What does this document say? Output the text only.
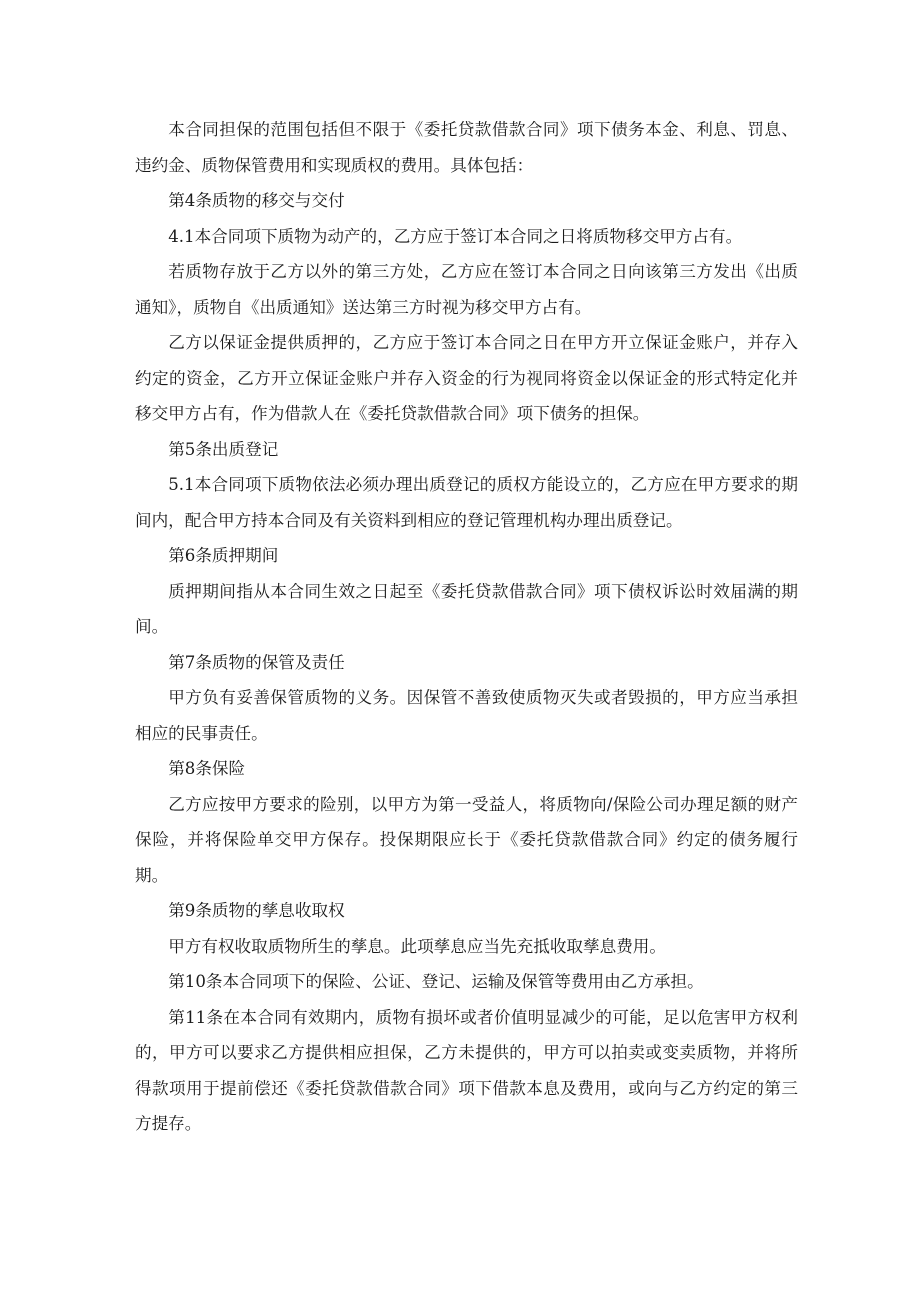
本合同担保的范围包括但不限于《委托贷款借款合同》项下债务本金、利息、罚息、违约金、质物保管费用和实现质权的费用。具体包括：

第4条质物的移交与交付

4.1本合同项下质物为动产的，乙方应于签订本合同之日将质物移交甲方占有。

若质物存放于乙方以外的第三方处，乙方应在签订本合同之日向该第三方发出《出质通知》，质物自《出质通知》送达第三方时视为移交甲方占有。

乙方以保证金提供质押的，乙方应于签订本合同之日在甲方开立保证金账户，并存入约定的资金，乙方开立保证金账户并存入资金的行为视同将资金以保证金的形式特定化并移交甲方占有，作为借款人在《委托贷款借款合同》项下债务的担保。

第5条出质登记

5.1本合同项下质物依法必须办理出质登记的质权方能设立的，乙方应在甲方要求的期间内，配合甲方持本合同及有关资料到相应的登记管理机构办理出质登记。

第6条质押期间

质押期间指从本合同生效之日起至《委托贷款借款合同》项下债权诉讼时效届满的期间。

第7条质物的保管及责任

甲方负有妥善保管质物的义务。因保管不善致使质物灭失或者毁损的，甲方应当承担相应的民事责任。

第8条保险

乙方应按甲方要求的险别，以甲方为第一受益人，将质物向/保险公司办理足额的财产保险，并将保险单交甲方保存。投保期限应长于《委托贷款借款合同》约定的债务履行期。

第9条质物的孳息收取权

甲方有权收取质物所生的孳息。此项孳息应当先充抵收取孳息费用。

第10条本合同项下的保险、公证、登记、运输及保管等费用由乙方承担。

第11条在本合同有效期内，质物有损坏或者价值明显减少的可能，足以危害甲方权利的，甲方可以要求乙方提供相应担保，乙方未提供的，甲方可以拍卖或变卖质物，并将所得款项用于提前偿还《委托贷款借款合同》项下借款本息及费用，或向与乙方约定的第三方提存。
